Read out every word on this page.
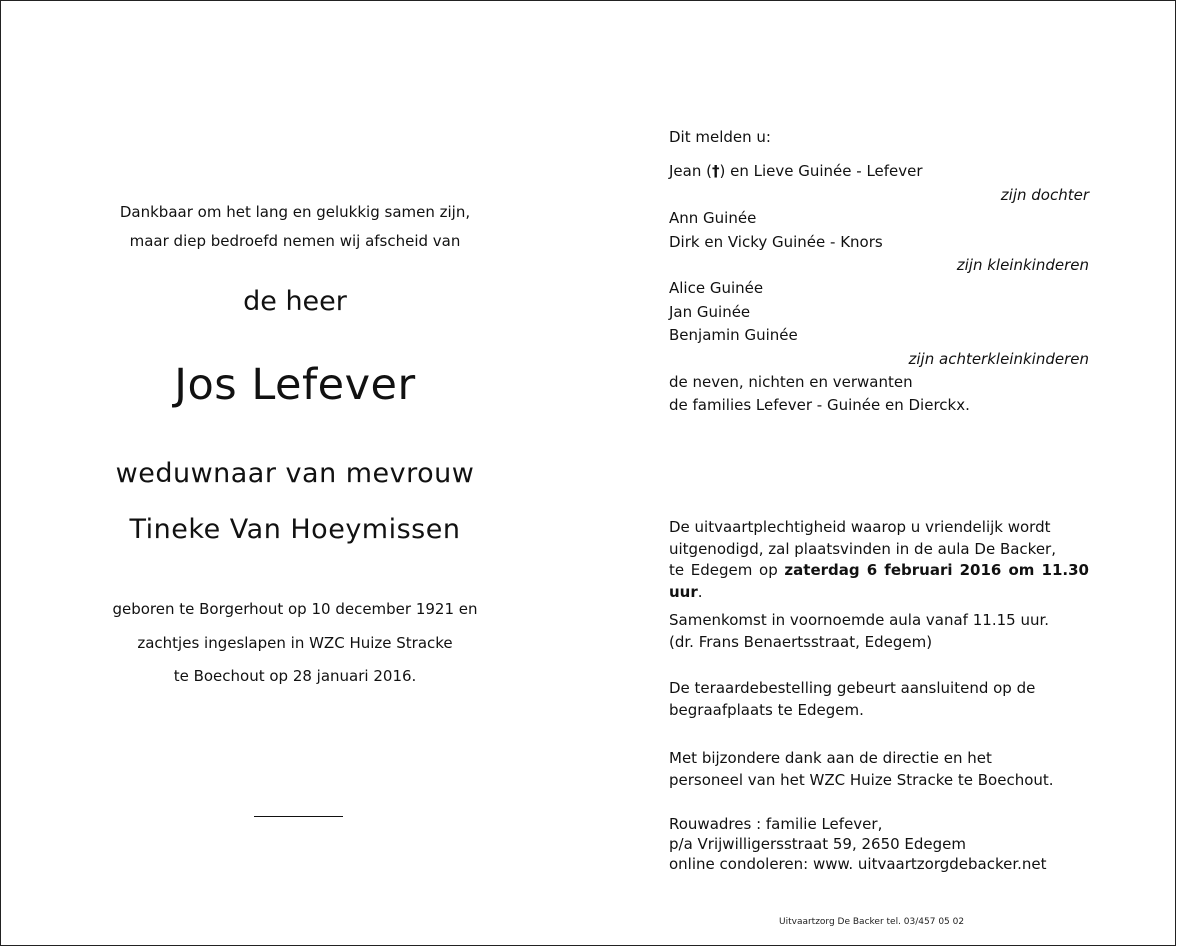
Dankbaar om het lang en gelukkig samen zijn,
maar diep bedroefd nemen wij afscheid van
de heer
Jos Lefever
weduwnaar van mevrouw
Tineke Van Hoeymissen
geboren te Borgerhout op 10 december 1921 en
zachtjes ingeslapen in WZC Huize Stracke
te Boechout op 28 januari 2016.
Dit melden u:
Jean (†) en Lieve Guinée - Lefever
zijn dochter
Ann Guinée
Dirk en Vicky Guinée - Knors
zijn kleinkinderen
Alice Guinée
Jan Guinée
Benjamin Guinée
zijn achterkleinkinderen
de neven, nichten en verwanten
de families Lefever - Guinée en Dierckx.
De uitvaartplechtigheid waarop u vriendelijk wordt
uitgenodigd, zal plaatsvinden in de aula De Backer,
te Edegem op zaterdag 6 februari 2016 om 11.30 uur.
Samenkomst in voornoemde aula vanaf 11.15 uur.
(dr. Frans Benaertsstraat, Edegem)
De teraardebestelling gebeurt aansluitend op de
begraafplaats te Edegem.
Met bijzondere dank aan de directie en het
personeel van het WZC Huize Stracke te Boechout.
Rouwadres : familie Lefever,
p/a Vrijwilligersstraat 59, 2650 Edegem
online condoleren: www. uitvaartzorgdebacker.net
Uitvaartzorg De Backer tel. 03/457 05 02
